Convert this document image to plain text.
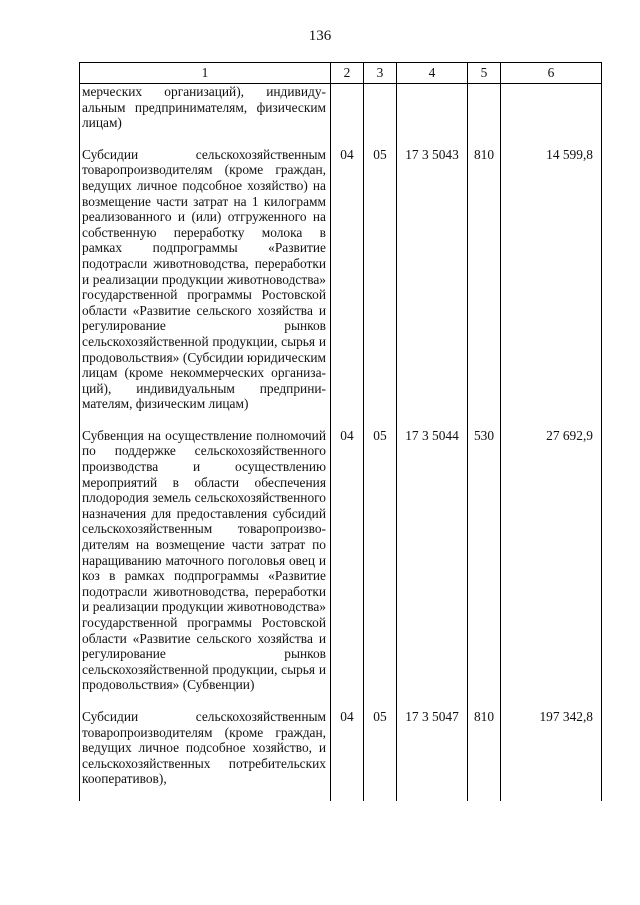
136
1	2	3	4	5	6
мерческих организаций), индивидуальным предпринимателям, физическим лицам)					
Субсидии сельскохозяйственным товаропроизводителям (кроме граждан, ведущих личное подсобное хозяйство) на возмещение части затрат на 1 килограмм реализованного и (или) отгруженного на собственную переработку молока в рамках подпрограммы «Развитие подотрасли животноводства, переработки и реализации продукции животноводства» государственной программы Ростовской области «Развитие сельского хозяйства и регулирование рынков сельскохозяйственной продукции, сырья и продовольствия» (Субсидии юридическим лицам (кроме некоммерческих организаций), индивидуальным предпринимателям, физическим лицам)	04	05	17 3 5043	810	14 599,8
Субвенция на осуществление полномочий по поддержке сельскохозяйственного производства и осуществлению мероприятий в области обеспечения плодородия земель сельскохозяйственного назначения для предоставления субсидий сельскохозяйственным товаропроизводителям на возмещение части затрат по наращиванию маточного поголовья овец и коз в рамках подпрограммы «Развитие подотрасли животноводства, переработки и реализации продукции животноводства» государственной программы Ростовской области «Развитие сельского хозяйства и регулирование рынков сельскохозяйственной продукции, сырья и продовольствия» (Субвенции)	04	05	17 3 5044	530	27 692,9
Субсидии сельскохозяйственным товаропроизводителям (кроме граждан, ведущих личное подсобное хозяйство, и сельскохозяйственных потребительских кооперативов),	04	05	17 3 5047	810	197 342,8
